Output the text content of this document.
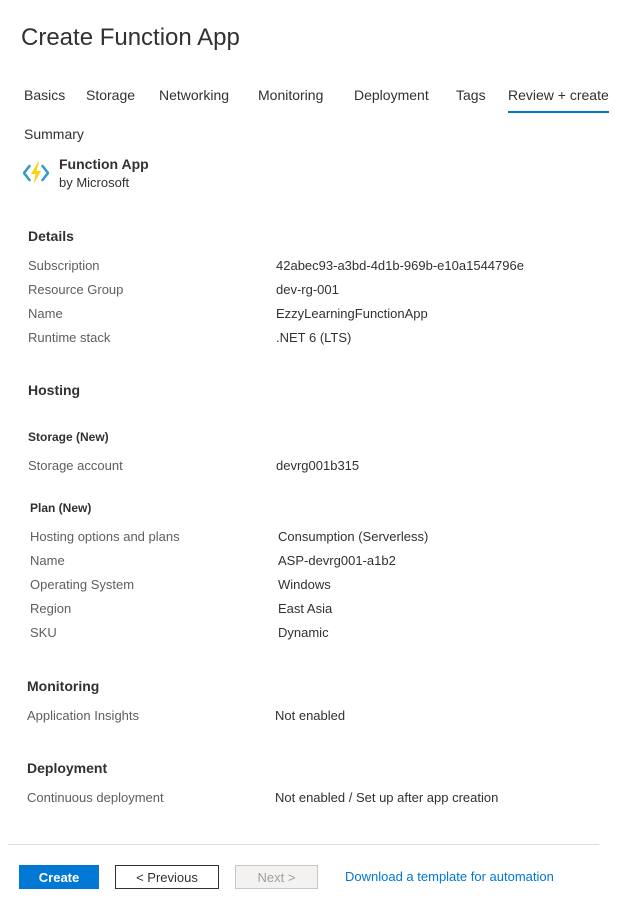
Create Function App
Basics Storage Networking Monitoring Deployment Tags Review + create
Summary
Function App
by Microsoft
Details
Subscription	42abec93-a3bd-4d1b-969b-e10a1544796e
Resource Group	dev-rg-001
Name	EzzyLearningFunctionApp
Runtime stack	.NET 6 (LTS)
Hosting
Storage (New)
Storage account	devrg001b315
Plan (New)
Hosting options and plans	Consumption (Serverless)
Name	ASP-devrg001-a1b2
Operating System	Windows
Region	East Asia
SKU	Dynamic
Monitoring
Application Insights	Not enabled
Deployment
Continuous deployment	Not enabled / Set up after app creation
Create	< Previous	Next >	Download a template for automation
